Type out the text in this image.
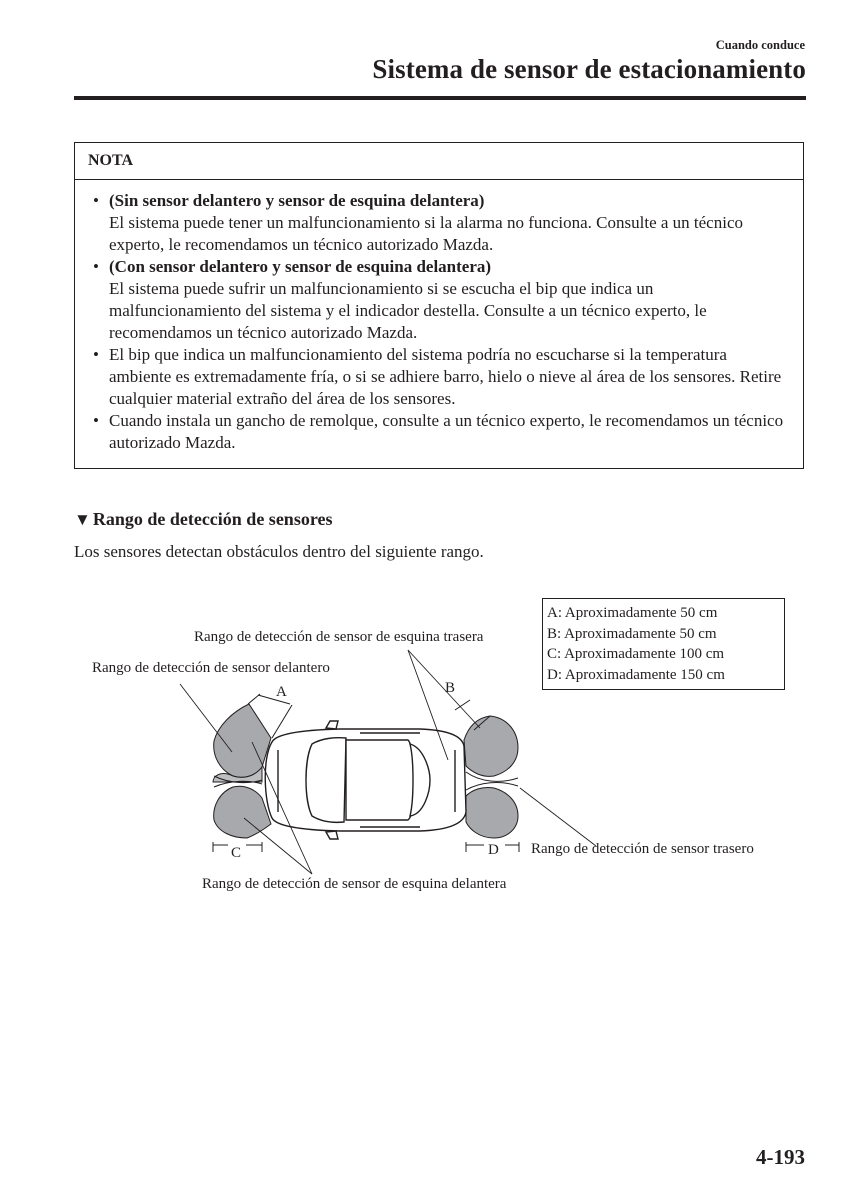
Cuando conduce
Sistema de sensor de estacionamiento
NOTA
• (Sin sensor delantero y sensor de esquina delantera)
El sistema puede tener un malfuncionamiento si la alarma no funciona. Consulte a un técnico experto, le recomendamos un técnico autorizado Mazda.
• (Con sensor delantero y sensor de esquina delantera)
El sistema puede sufrir un malfuncionamiento si se escucha el bip que indica un malfuncionamiento del sistema y el indicador destella. Consulte a un técnico experto, le recomendamos un técnico autorizado Mazda.
• El bip que indica un malfuncionamiento del sistema podría no escucharse si la temperatura ambiente es extremadamente fría, o si se adhiere barro, hielo o nieve al área de los sensores. Retire cualquier material extraño del área de los sensores.
• Cuando instala un gancho de remolque, consulte a un técnico experto, le recomendamos un técnico autorizado Mazda.
▼ Rango de detección de sensores
Los sensores detectan obstáculos dentro del siguiente rango.
Rango de detección de sensor de esquina trasera
Rango de detección de sensor delantero
A	B
C	D Rango de detección de sensor trasero
Rango de detección de sensor de esquina delantera
A: Aproximadamente 50 cm
B: Aproximadamente 50 cm
C: Aproximadamente 100 cm
D: Aproximadamente 150 cm
4-193
